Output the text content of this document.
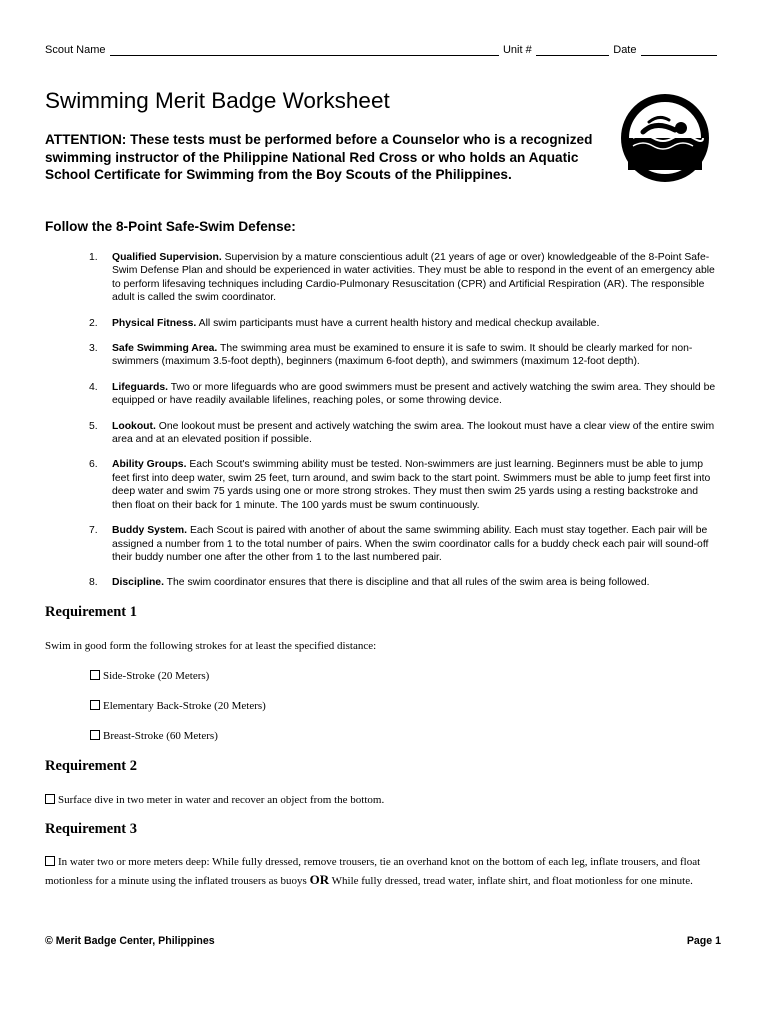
Scout Name	Unit #	Date
Swimming Merit Badge Worksheet
ATTENTION: These tests must be performed before a Counselor who is a recognized swimming instructor of the Philippine National Red Cross or who holds an Aquatic School Certificate for Swimming from the Boy Scouts of the Philippines.
Follow the 8-Point Safe-Swim Defense:
1. Qualified Supervision. Supervision by a mature conscientious adult (21 years of age or over) knowledgeable of the 8-Point Safe-Swim Defense Plan and should be experienced in water activities. They must be able to respond in the event of an emergency able to perform lifesaving techniques including Cardio-Pulmonary Resuscitation (CPR) and Artificial Respiration (AR). The responsible adult is called the swim coordinator.
2. Physical Fitness. All swim participants must have a current health history and medical checkup available.
3. Safe Swimming Area. The swimming area must be examined to ensure it is safe to swim. It should be clearly marked for non-swimmers (maximum 3.5-foot depth), beginners (maximum 6-foot depth), and swimmers (maximum 12-foot depth).
4. Lifeguards. Two or more lifeguards who are good swimmers must be present and actively watching the swim area. They should be equipped or have readily available lifelines, reaching poles, or some throwing device.
5. Lookout. One lookout must be present and actively watching the swim area. The lookout must have a clear view of the entire swim area and at an elevated position if possible.
6. Ability Groups. Each Scout's swimming ability must be tested. Non-swimmers are just learning. Beginners must be able to jump feet first into deep water, swim 25 feet, turn around, and swim back to the start point. Swimmers must be able to jump feet first into deep water and swim 75 yards using one or more strong strokes. They must then swim 25 yards using a resting backstroke and then float on their back for 1 minute. The 100 yards must be swum continuously.
7. Buddy System. Each Scout is paired with another of about the same swimming ability. Each must stay together. Each pair will be assigned a number from 1 to the total number of pairs. When the swim coordinator calls for a buddy check each pair will sound-off their buddy number one after the other from 1 to the last numbered pair.
8. Discipline. The swim coordinator ensures that there is discipline and that all rules of the swim area is being followed.
Requirement 1
Swim in good form the following strokes for at least the specified distance:
Side-Stroke (20 Meters)
Elementary Back-Stroke (20 Meters)
Breast-Stroke (60 Meters)
Requirement 2
Surface dive in two meter in water and recover an object from the bottom.
Requirement 3
In water two or more meters deep: While fully dressed, remove trousers, tie an overhand knot on the bottom of each leg, inflate trousers, and float motionless for a minute using the inflated trousers as buoys OR While fully dressed, tread water, inflate shirt, and float motionless for one minute.
© Merit Badge Center, Philippines	Page 1
